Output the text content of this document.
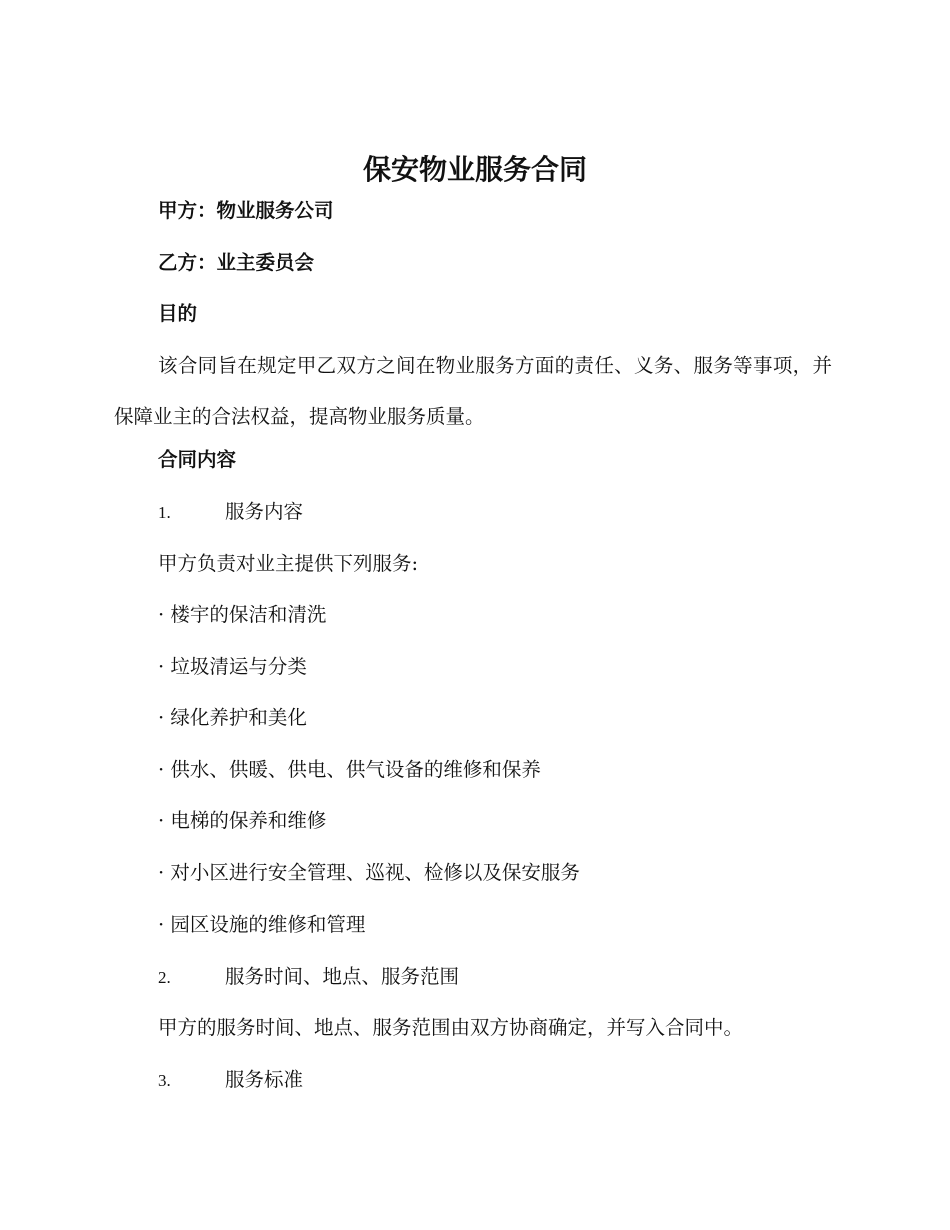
保安物业服务合同

甲方：物业服务公司

乙方：业主委员会

目的

该合同旨在规定甲乙双方之间在物业服务方面的责任、义务、服务等事项，并保障业主的合法权益，提高物业服务质量。

合同内容

1.	服务内容

甲方负责对业主提供下列服务:

· 楼宇的保洁和清洗

· 垃圾清运与分类

· 绿化养护和美化

· 供水、供暖、供电、供气设备的维修和保养

· 电梯的保养和维修

· 对小区进行安全管理、巡视、检修以及保安服务

· 园区设施的维修和管理

2.	服务时间、地点、服务范围

甲方的服务时间、地点、服务范围由双方协商确定，并写入合同中。

3.	服务标准
